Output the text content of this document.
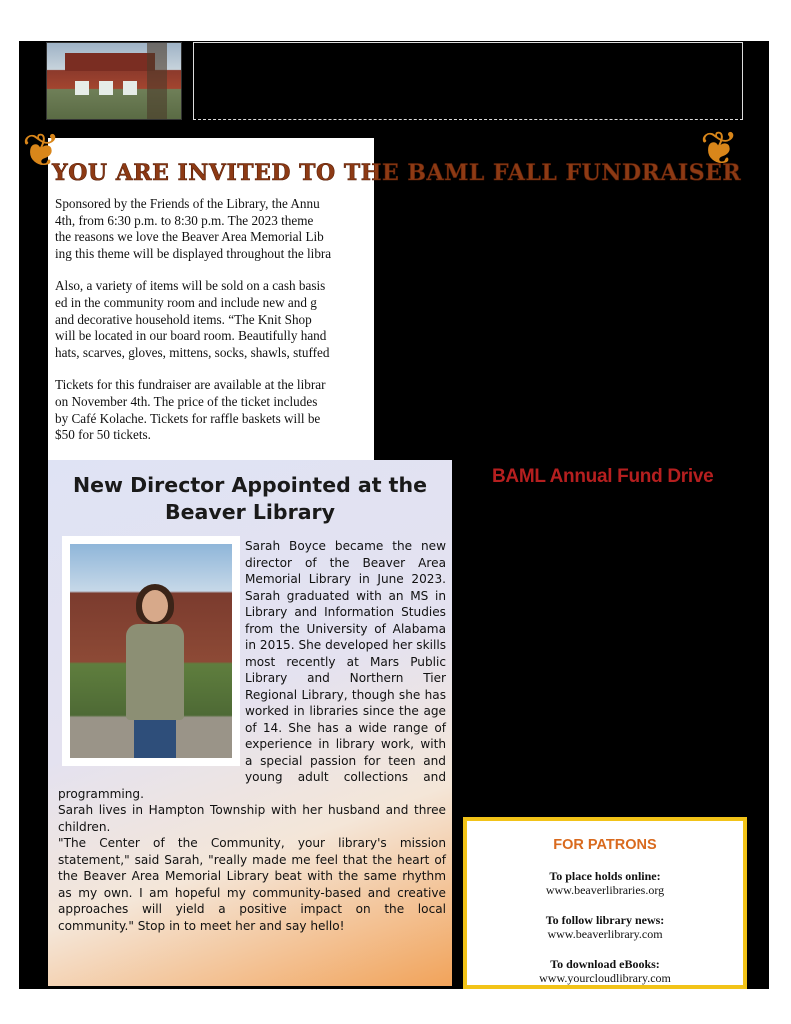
❦	❦
YOU ARE INVITED TO THE BAML FALL FUNDRAISER

Sponsored by the Friends of the Library, the Annu
4th, from 6:30 p.m. to 8:30 p.m. The 2023 theme
the reasons we love the Beaver Area Memorial Lib
ing this theme will be displayed throughout the libra

Also, a variety of items will be sold on a cash basis
ed in the community room and include new and g
and decorative household items. “The Knit Shop
will be located in our board room. Beautifully hand
hats, scarves, gloves, mittens, socks, shawls, stuffed

Tickets for this fundraiser are available at the librar
on November 4th. The price of the ticket includes
by Café Kolache. Tickets for raffle baskets will be
$50 for 50 tickets.

BAML Annual Fund Drive
New Director Appointed at the Beaver Library

Sarah Boyce became the new director of the Beaver Area Memorial Library in June 2023. Sarah graduated with an MS in Library and Information Studies from the University of Alabama in 2015. She developed her skills most recently at Mars Public Library and Northern Tier Regional Library, though she has worked in libraries since the age of 14. She has a wide range of experience in library work, with a special passion for teen and young adult collections and programming.

Sarah lives in Hampton Township with her husband and three children.

"The Center of the Community, your library's mission statement," said Sarah, "really made me feel that the heart of the Beaver Area Memorial Library beat with the same rhythm as my own. I am hopeful my community-based and creative approaches will yield a positive impact on the local community." Stop in to meet her and say hello!

FOR PATRONS
To place holds online:
www.beaverlibraries.org
To follow library news:
www.beaverlibrary.com
To download eBooks:
www.yourcloudlibrary.com
